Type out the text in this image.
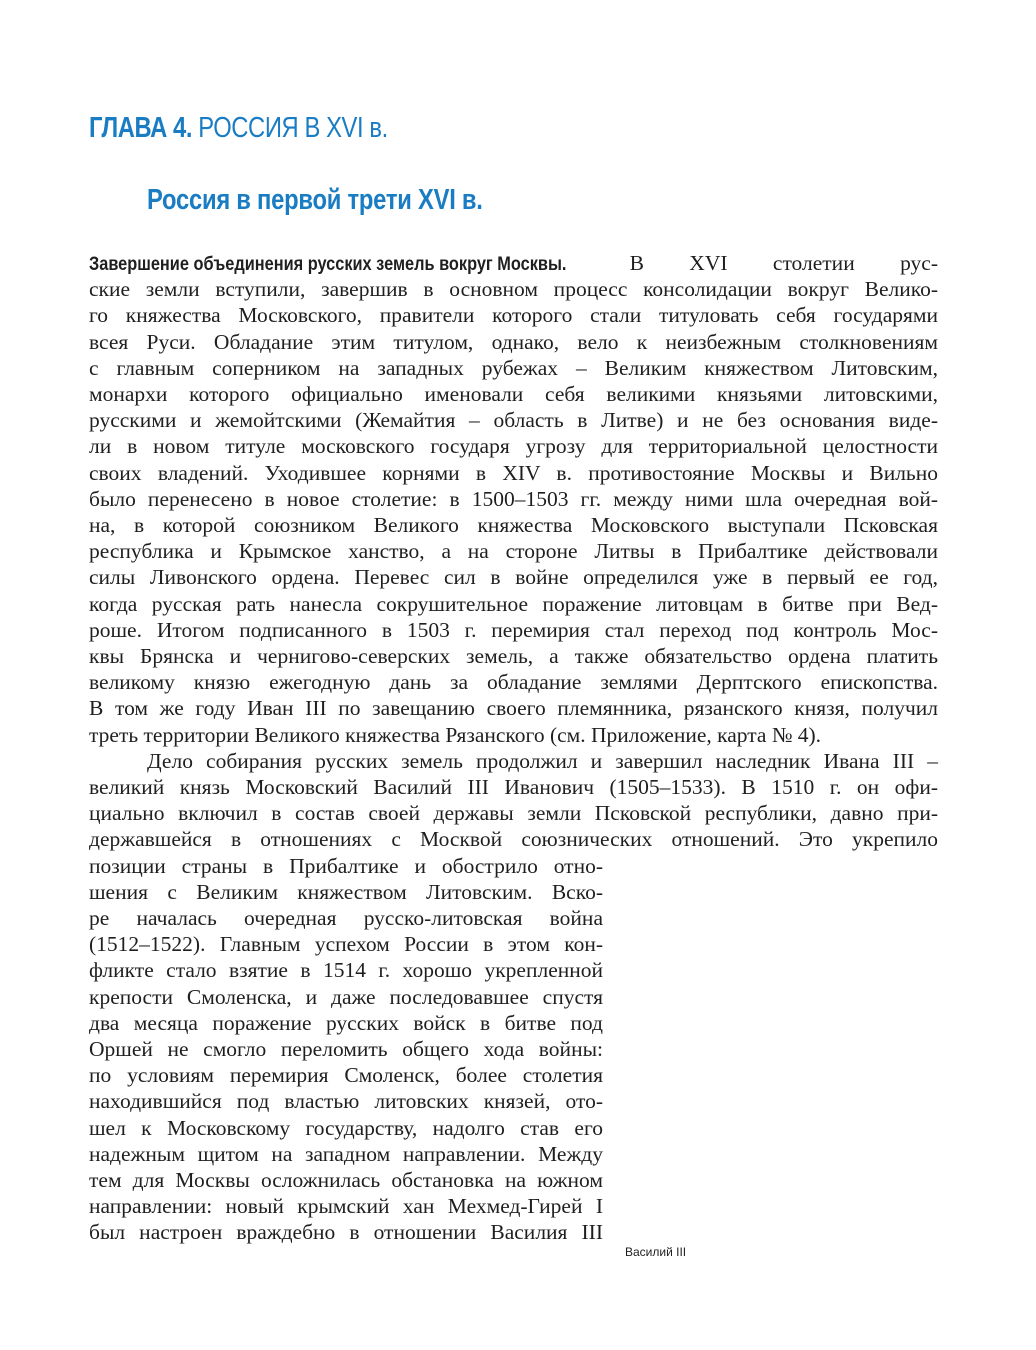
ГЛАВА 4. РОССИЯ В XVI в.
Россия в первой трети XVI в.
Завершение объединения русских земель вокруг Москвы.	В XVI столетии рус-
ские земли вступили, завершив в основном процесс консолидации вокруг Велико-
го княжества Московского, правители которого стали титуловать себя государями
всея Руси. Обладание этим титулом, однако, вело к неизбежным столкновениям
с главным соперником на западных рубежах – Великим княжеством Литовским,
монархи которого официально именовали себя великими князьями литовскими,
русскими и жемойтскими (Жемайтия – область в Литве) и не без основания виде-
ли в новом титуле московского государя угрозу для территориальной целостности
своих владений. Уходившее корнями в XIV в. противостояние Москвы и Вильно
было перенесено в новое столетие: в 1500–1503 гг. между ними шла очередная вой-
на, в которой союзником Великого княжества Московского выступали Псковская
республика и Крымское ханство, а на стороне Литвы в Прибалтике действовали
силы Ливонского ордена. Перевес сил в войне определился уже в первый ее год,
когда русская рать нанесла сокрушительное поражение литовцам в битве при Вед-
роше. Итогом подписанного в 1503 г. перемирия стал переход под контроль Мос-
квы Брянска и чернигово-северских земель, а также обязательство ордена платить
великому князю ежегодную дань за обладание землями Дерптского епископства.
В том же году Иван III по завещанию своего племянника, рязанского князя, получил
треть территории Великого княжества Рязанского (см. Приложение, карта № 4).
Дело собирания русских земель продолжил и завершил наследник Ивана III –
великий князь Московский Василий III Иванович (1505–1533). В 1510 г. он офи-
циально включил в состав своей державы земли Псковской республики, давно при-
державшейся в отношениях с Москвой союзнических отношений. Это укрепило
позиции страны в Прибалтике и обострило отно-
шения с Великим княжеством Литовским. Вско-
ре началась очередная русско-литовская война
(1512–1522). Главным успехом России в этом кон-
фликте стало взятие в 1514 г. хорошо укрепленной
крепости Смоленска, и даже последовавшее спустя
два месяца поражение русских войск в битве под
Оршей не смогло переломить общего хода войны:
по условиям перемирия Смоленск, более столетия
находившийся под властью литовских князей, ото-
шел к Московскому государству, надолго став его
надежным щитом на западном направлении. Между
тем для Москвы осложнилась обстановка на южном
направлении: новый крымский хан Мехмед-Гирей I
был настроен враждебно в отношении Василия III
Василий III
